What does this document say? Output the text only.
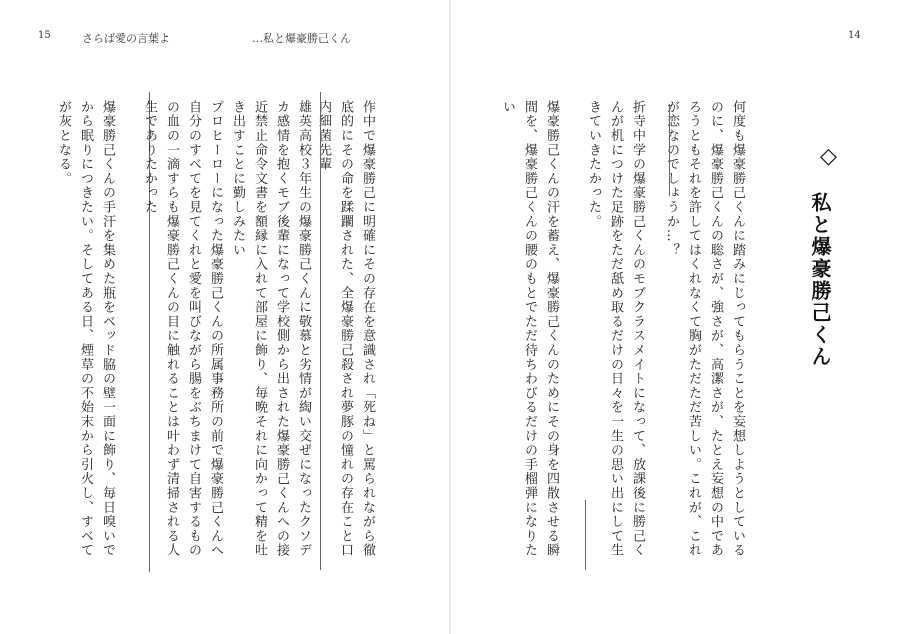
15	さらば愛の言葉よ	…私と爆豪勝己くん	14
◇
私と爆豪勝己くん
何度も爆豪勝己くんに踏みにじってもらうことを妄想しようとしているのに、爆豪勝己くんの聡さが、強さが、高潔さが、たとえ妄想の中であろうともそれを許してはくれなくて胸がただただ苦しい。これが、これが恋なのでしょうか…？
折寺中学の爆豪勝己くんのモブクラスメイトになって、放課後に勝己くんが机につけた足跡をただ舐め取るだけの日々を一生の思い出にして生きていきたかった。
爆豪勝己くんの汗を蓄え、爆豪勝己くんのためにその身を四散させる瞬間を、爆豪勝己くんの腰のもとでただ待ちわびるだけの手榴弾になりたい
作中で爆豪勝己に明確にその存在を意識され「死ね」と罵られながら徹底的にその命を蹂躙された、全爆豪勝己殺され夢豚の憧れの存在こと口内細菌先輩
雄英高校３年生の爆豪勝己くんに敬慕と劣情が綯い交ぜになったクソデカ感情を抱くモブ後輩になって学校側から出された爆豪勝己くんへの接近禁止命令文書を額縁に入れて部屋に飾り、毎晩それに向かって精を吐き出すことに勤しみたい
プロヒーローになった爆豪勝己くんの所属事務所の前で爆豪勝己くんへ自分のすべてを見てくれと愛を叫びながら腸をぶちまけて自害するものの血の一滴すらも爆豪勝己くんの目に触れることは叶わず清掃される人生でありたかった
爆豪勝己くんの手汗を集めた瓶をベッド脇の壁一面に飾り、毎日嗅いでから眠りにつきたい。そしてある日、煙草の不始末から引火し、すべてが灰となる。
